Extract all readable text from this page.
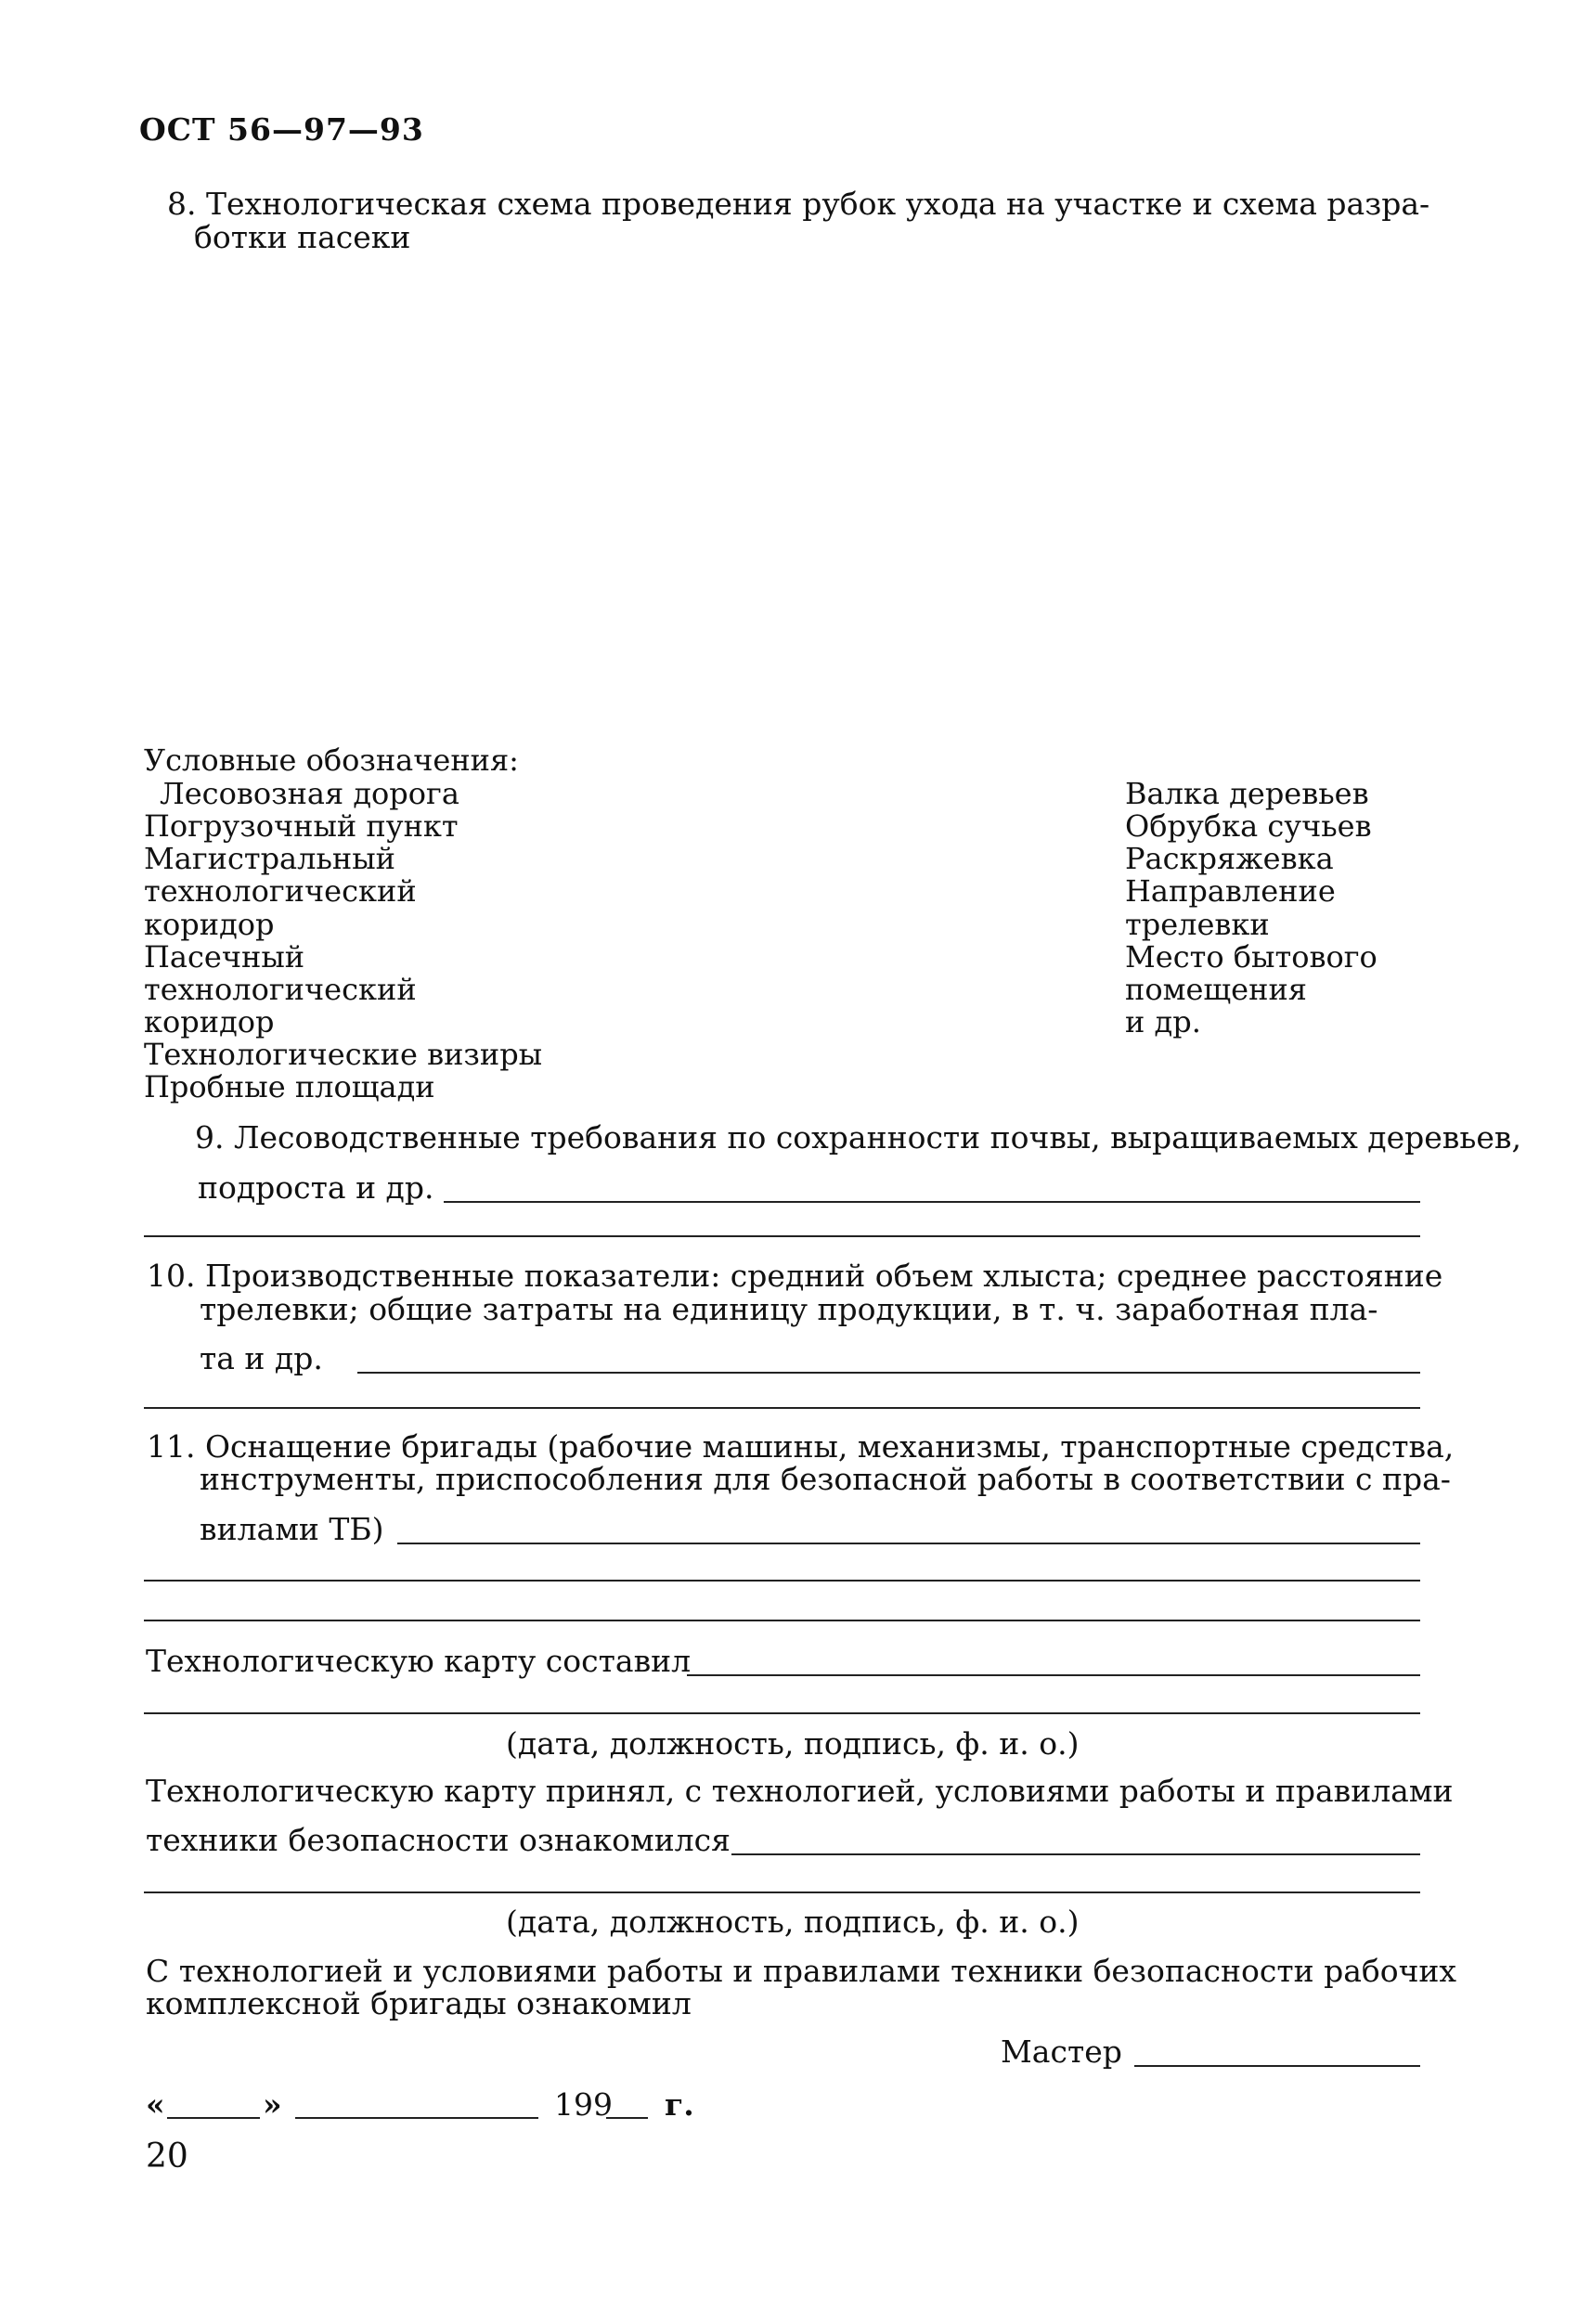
ОСТ 56—97—93
8. Технологическая схема проведения рубок ухода на участке и схема разра-
ботки пасеки
Условные обозначения:
Лесовозная дорога
Погрузочный пункт
Магистральный
технологический
коридор
Пасечный
технологический
коридор
Технологические визиры
Пробные площади
Валка деревьев
Обрубка сучьев
Раскряжевка
Направление
трелевки
Место бытового
помещения
и др.
9. Лесоводственные требования по сохранности почвы, выращиваемых деревьев,
подроста и др.
10. Производственные показатели: средний объем хлыста; среднее расстояние
трелевки; общие затраты на единицу продукции, в т. ч. заработная пла-
та и др.
11. Оснащение бригады (рабочие машины, механизмы, транспортные средства,
инструменты, приспособления для безопасной работы в соответствии с пра-
вилами ТБ)
Технологическую карту составил
(дата, должность, подпись, ф. и. о.)
Технологическую карту принял, с технологией, условиями работы и правилами
техники безопасности ознакомился
(дата, должность, подпись, ф. и. о.)
С технологией и условиями работы и правилами техники безопасности рабочих
комплексной бригады ознакомил
Мастер
«	»	199 г.
20
